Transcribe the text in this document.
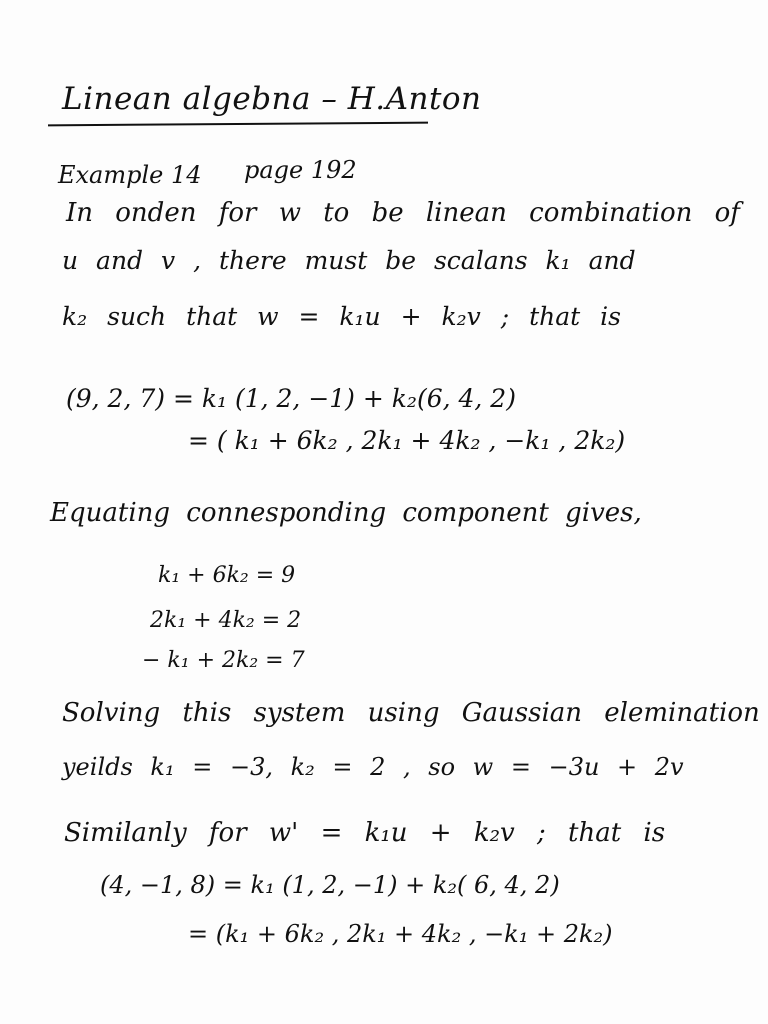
Linean algebna – H.Anton
Example 14 page 192
In onden for w to be linean combination of
u and v , there must be scalans k₁ and
k₂ such that w = k₁u + k₂v ; that is
(9, 2, 7) = k₁ (1, 2, −1) + k₂(6, 4, 2)
= ( k₁ + 6k₂ , 2k₁ + 4k₂ , −k₁ , 2k₂)
Equating connesponding component gives,
k₁ + 6k₂ = 9
2k₁ + 4k₂ = 2
− k₁ + 2k₂ = 7
Solving this system using Gaussian elemination
yeilds k₁ = −3, k₂ = 2 , so w = −3u + 2v
Similanly for w' = k₁u + k₂v ; that is
(4, −1, 8) = k₁ (1, 2, −1) + k₂( 6, 4, 2)
= (k₁ + 6k₂ , 2k₁ + 4k₂ , −k₁ + 2k₂)
